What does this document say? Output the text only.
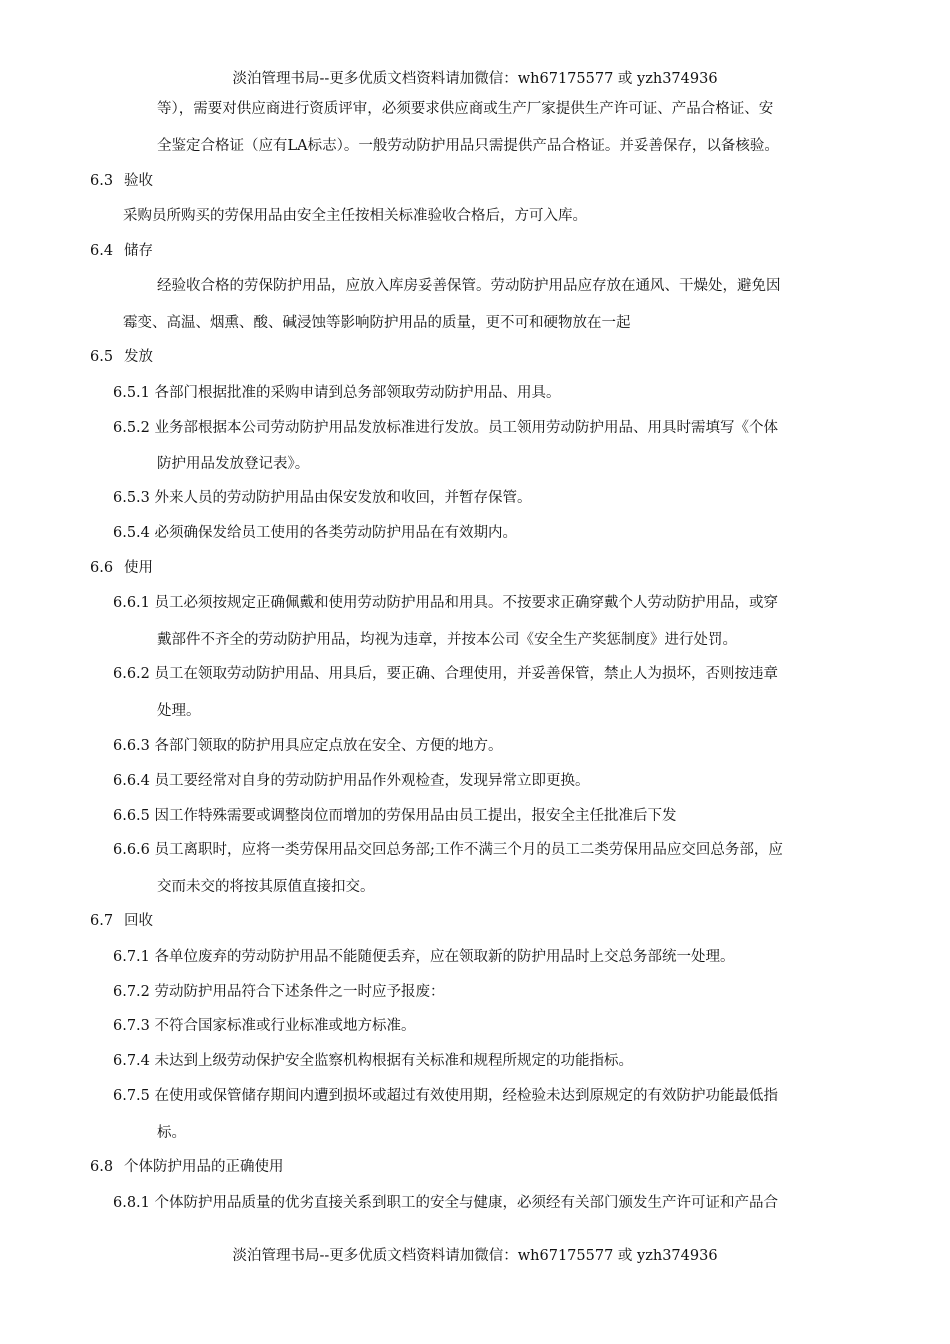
淡泊管理书局--更多优质文档资料请加微信：wh67175577 或 yzh374936
等），需要对供应商进行资质评审，必须要求供应商或生产厂家提供生产许可证、产品合格证、安
全鉴定合格证（应有LA标志）。一般劳动防护用品只需提供产品合格证。并妥善保存，以备核验。
6.3 验收
采购员所购买的劳保用品由安全主任按相关标准验收合格后，方可入库。
6.4 储存
经验收合格的劳保防护用品，应放入库房妥善保管。劳动防护用品应存放在通风、干燥处，避免因
霉变、高温、烟熏、酸、碱浸蚀等影响防护用品的质量，更不可和硬物放在一起
6.5 发放
6.5.1 各部门根据批准的采购申请到总务部领取劳动防护用品、用具。
6.5.2 业务部根据本公司劳动防护用品发放标准进行发放。员工领用劳动防护用品、用具时需填写《个体
防护用品发放登记表》。
6.5.3 外来人员的劳动防护用品由保安发放和收回，并暂存保管。
6.5.4 必须确保发给员工使用的各类劳动防护用品在有效期内。
6.6 使用
6.6.1 员工必须按规定正确佩戴和使用劳动防护用品和用具。不按要求正确穿戴个人劳动防护用品，或穿
戴部件不齐全的劳动防护用品，均视为违章，并按本公司《安全生产奖惩制度》进行处罚。
6.6.2 员工在领取劳动防护用品、用具后，要正确、合理使用，并妥善保管，禁止人为损坏，否则按违章
处理。
6.6.3 各部门领取的防护用具应定点放在安全、方便的地方。
6.6.4 员工要经常对自身的劳动防护用品作外观检查，发现异常立即更换。
6.6.5 因工作特殊需要或调整岗位而增加的劳保用品由员工提出，报安全主任批准后下发
6.6.6 员工离职时，应将一类劳保用品交回总务部;工作不满三个月的员工二类劳保用品应交回总务部，应
交而未交的将按其原值直接扣交。
6.7 回收
6.7.1 各单位废弃的劳动防护用品不能随便丢弃，应在领取新的防护用品时上交总务部统一处理。
6.7.2 劳动防护用品符合下述条件之一时应予报废：
6.7.3 不符合国家标准或行业标准或地方标准。
6.7.4 未达到上级劳动保护安全监察机构根据有关标准和规程所规定的功能指标。
6.7.5 在使用或保管储存期间内遭到损坏或超过有效使用期，经检验未达到原规定的有效防护功能最低指
标。
6.8 个体防护用品的正确使用
6.8.1 个体防护用品质量的优劣直接关系到职工的安全与健康，必须经有关部门颁发生产许可证和产品合
淡泊管理书局--更多优质文档资料请加微信：wh67175577 或 yzh374936
